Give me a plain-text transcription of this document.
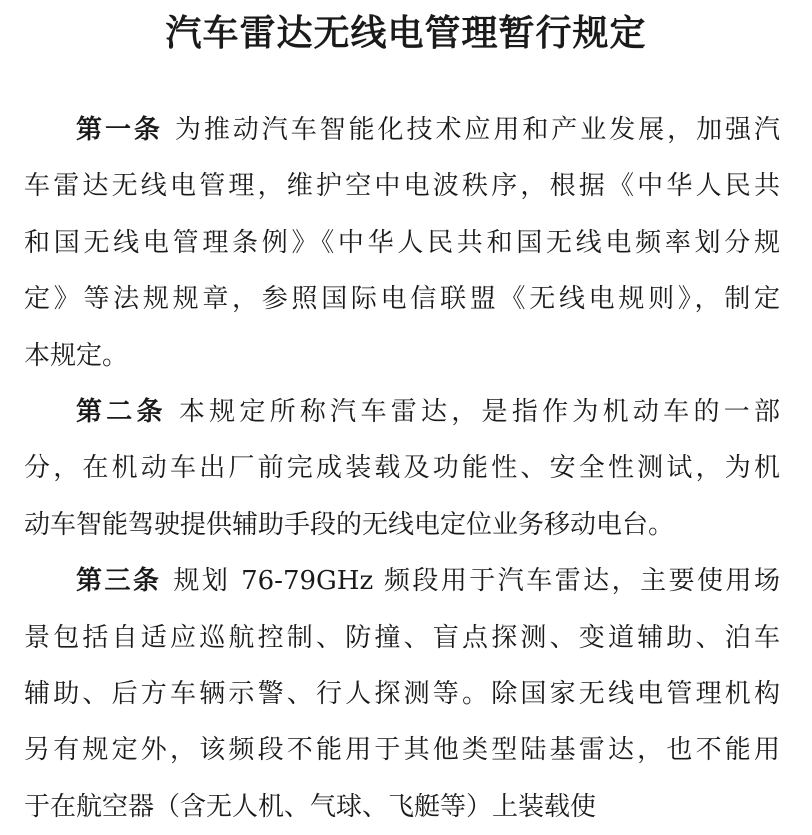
汽车雷达无线电管理暂行规定
第一条 为推动汽车智能化技术应用和产业发展，加强汽
车雷达无线电管理，维护空中电波秩序，根据《中华人民共
和国无线电管理条例》《中华人民共和国无线电频率划分规
定》等法规规章，参照国际电信联盟《无线电规则》，制定
本规定。
第二条 本规定所称汽车雷达，是指作为机动车的一部
分，在机动车出厂前完成装载及功能性、安全性测试，为机
动车智能驾驶提供辅助手段的无线电定位业务移动电台。
第三条 规划 76-79GHz 频段用于汽车雷达，主要使用场
景包括自适应巡航控制、防撞、盲点探测、变道辅助、泊车
辅助、后方车辆示警、行人探测等。除国家无线电管理机构
另有规定外，该频段不能用于其他类型陆基雷达，也不能用
于在航空器（含无人机、气球、飞艇等）上装载使
